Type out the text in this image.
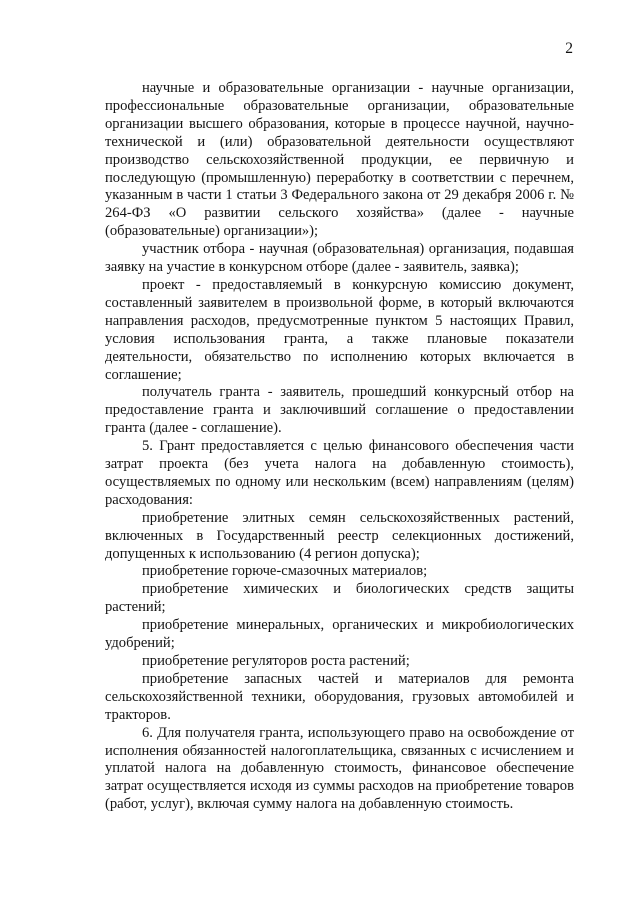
2

научные и образовательные организации - научные организации, профессиональные образовательные организации, образовательные организации высшего образования, которые в процессе научной, научно-технической и (или) образовательной деятельности осуществляют производство сельскохозяйственной продукции, ее первичную и последующую (промышленную) переработку в соответствии с перечнем, указанным в части 1 статьи 3 Федерального закона от 29 декабря 2006 г. № 264-ФЗ «О развитии сельского хозяйства» (далее - научные (образовательные) организации»);

участник отбора - научная (образовательная) организация, подавшая заявку на участие в конкурсном отборе (далее - заявитель, заявка);

проект - предоставляемый в конкурсную комиссию документ, составленный заявителем в произвольной форме, в который включаются направления расходов, предусмотренные пунктом 5 настоящих Правил, условия использования гранта, а также плановые показатели деятельности, обязательство по исполнению которых включается в соглашение;

получатель гранта - заявитель, прошедший конкурсный отбор на предоставление гранта и заключивший соглашение о предоставлении гранта (далее - соглашение).

5. Грант предоставляется с целью финансового обеспечения части затрат проекта (без учета налога на добавленную стоимость), осуществляемых по одному или нескольким (всем) направлениям (целям) расходования:

приобретение элитных семян сельскохозяйственных растений, включенных в Государственный реестр селекционных достижений, допущенных к использованию (4 регион допуска);

приобретение горюче-смазочных материалов;

приобретение химических и биологических средств защиты растений;

приобретение минеральных, органических и микробиологических удобрений;

приобретение регуляторов роста растений;

приобретение запасных частей и материалов для ремонта сельскохозяйственной техники, оборудования, грузовых автомобилей и тракторов.

6. Для получателя гранта, использующего право на освобождение от исполнения обязанностей налогоплательщика, связанных с исчислением и уплатой налога на добавленную стоимость, финансовое обеспечение затрат осуществляется исходя из суммы расходов на приобретение товаров (работ, услуг), включая сумму налога на добавленную стоимость.
